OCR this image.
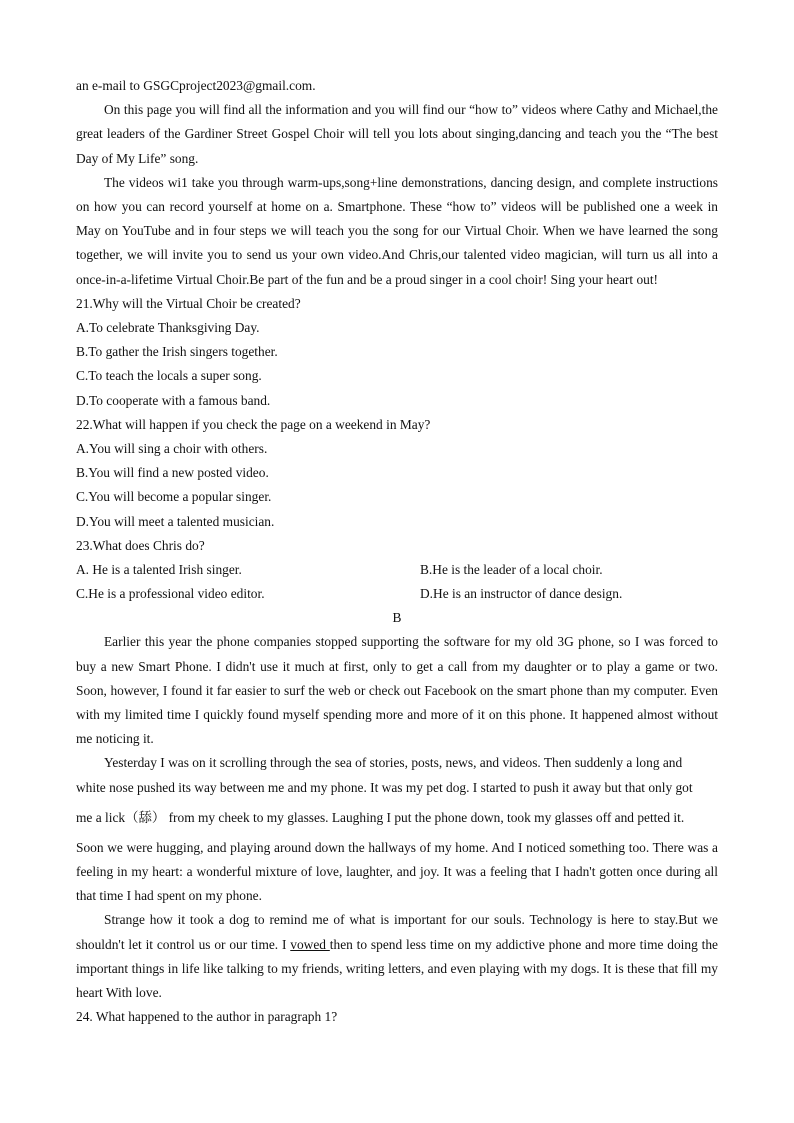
an e-mail to GSGCproject2023@gmail.com.

On this page you will find all the information and you will find our “how to” videos where Cathy and Michael,the great leaders of the Gardiner Street Gospel Choir will tell you lots about singing,dancing and teach you the “The best Day of My Life” song.

The videos wi1 take you through warm-ups,song+line demonstrations, dancing design, and complete instructions on how you can record yourself at home on a. Smartphone. These “how to” videos will be published one a week in May on YouTube and in four steps we will teach you the song for our Virtual Choir. When we have learned the song together, we will invite you to send us your own video.And Chris,our talented video magician, will turn us all into a once-in-a-lifetime Virtual Choir.Be part of the fun and be a proud singer in a cool choir! Sing your heart out!

21.Why will the Virtual Choir be created?
A.To celebrate Thanksgiving Day.
B.To gather the Irish singers together.
C.To teach the locals a super song.
D.To cooperate with a famous band.
22.What will happen if you check the page on a weekend in May?
A.You will sing a choir with others.
B.You will find a new posted video.
C.You will become a popular singer.
D.You will meet a talented musician.
23.What does Chris do?
A. He is a talented Irish singer.	B.He is the leader of a local choir.
C.He is a professional video editor.	D.He is an instructor of dance design.
B

Earlier this year the phone companies stopped supporting the software for my old 3G phone, so I was forced to buy a new Smart Phone. I didn't use it much at first, only to get a call from my daughter or to play a game or two. Soon, however, I found it far easier to surf the web or check out Facebook on the smart phone than my computer. Even with my limited time I quickly found myself spending more and more of it on this phone. It happened almost without me noticing it.

Yesterday I was on it scrolling through the sea of stories, posts, news, and videos. Then suddenly a long and
white nose pushed its way between me and my phone. It was my pet dog. I started to push it away but that only got
me a lick（舔） from my cheek to my glasses. Laughing I put the phone down, took my glasses off and petted it.

Soon we were hugging, and playing around down the hallways of my home. And I noticed something too. There was a feeling in my heart: a wonderful mixture of love, laughter, and joy. It was a feeling that I hadn't gotten once during all that time I had spent on my phone.

Strange how it took a dog to remind me of what is important for our souls. Technology is here to stay.But we shouldn't let it control us or our time. I vowed then to spend less time on my addictive phone and more time doing the important things in life like talking to my friends, writing letters, and even playing with my dogs. It is these that fill my heart With love.

24. What happened to the author in paragraph 1?
